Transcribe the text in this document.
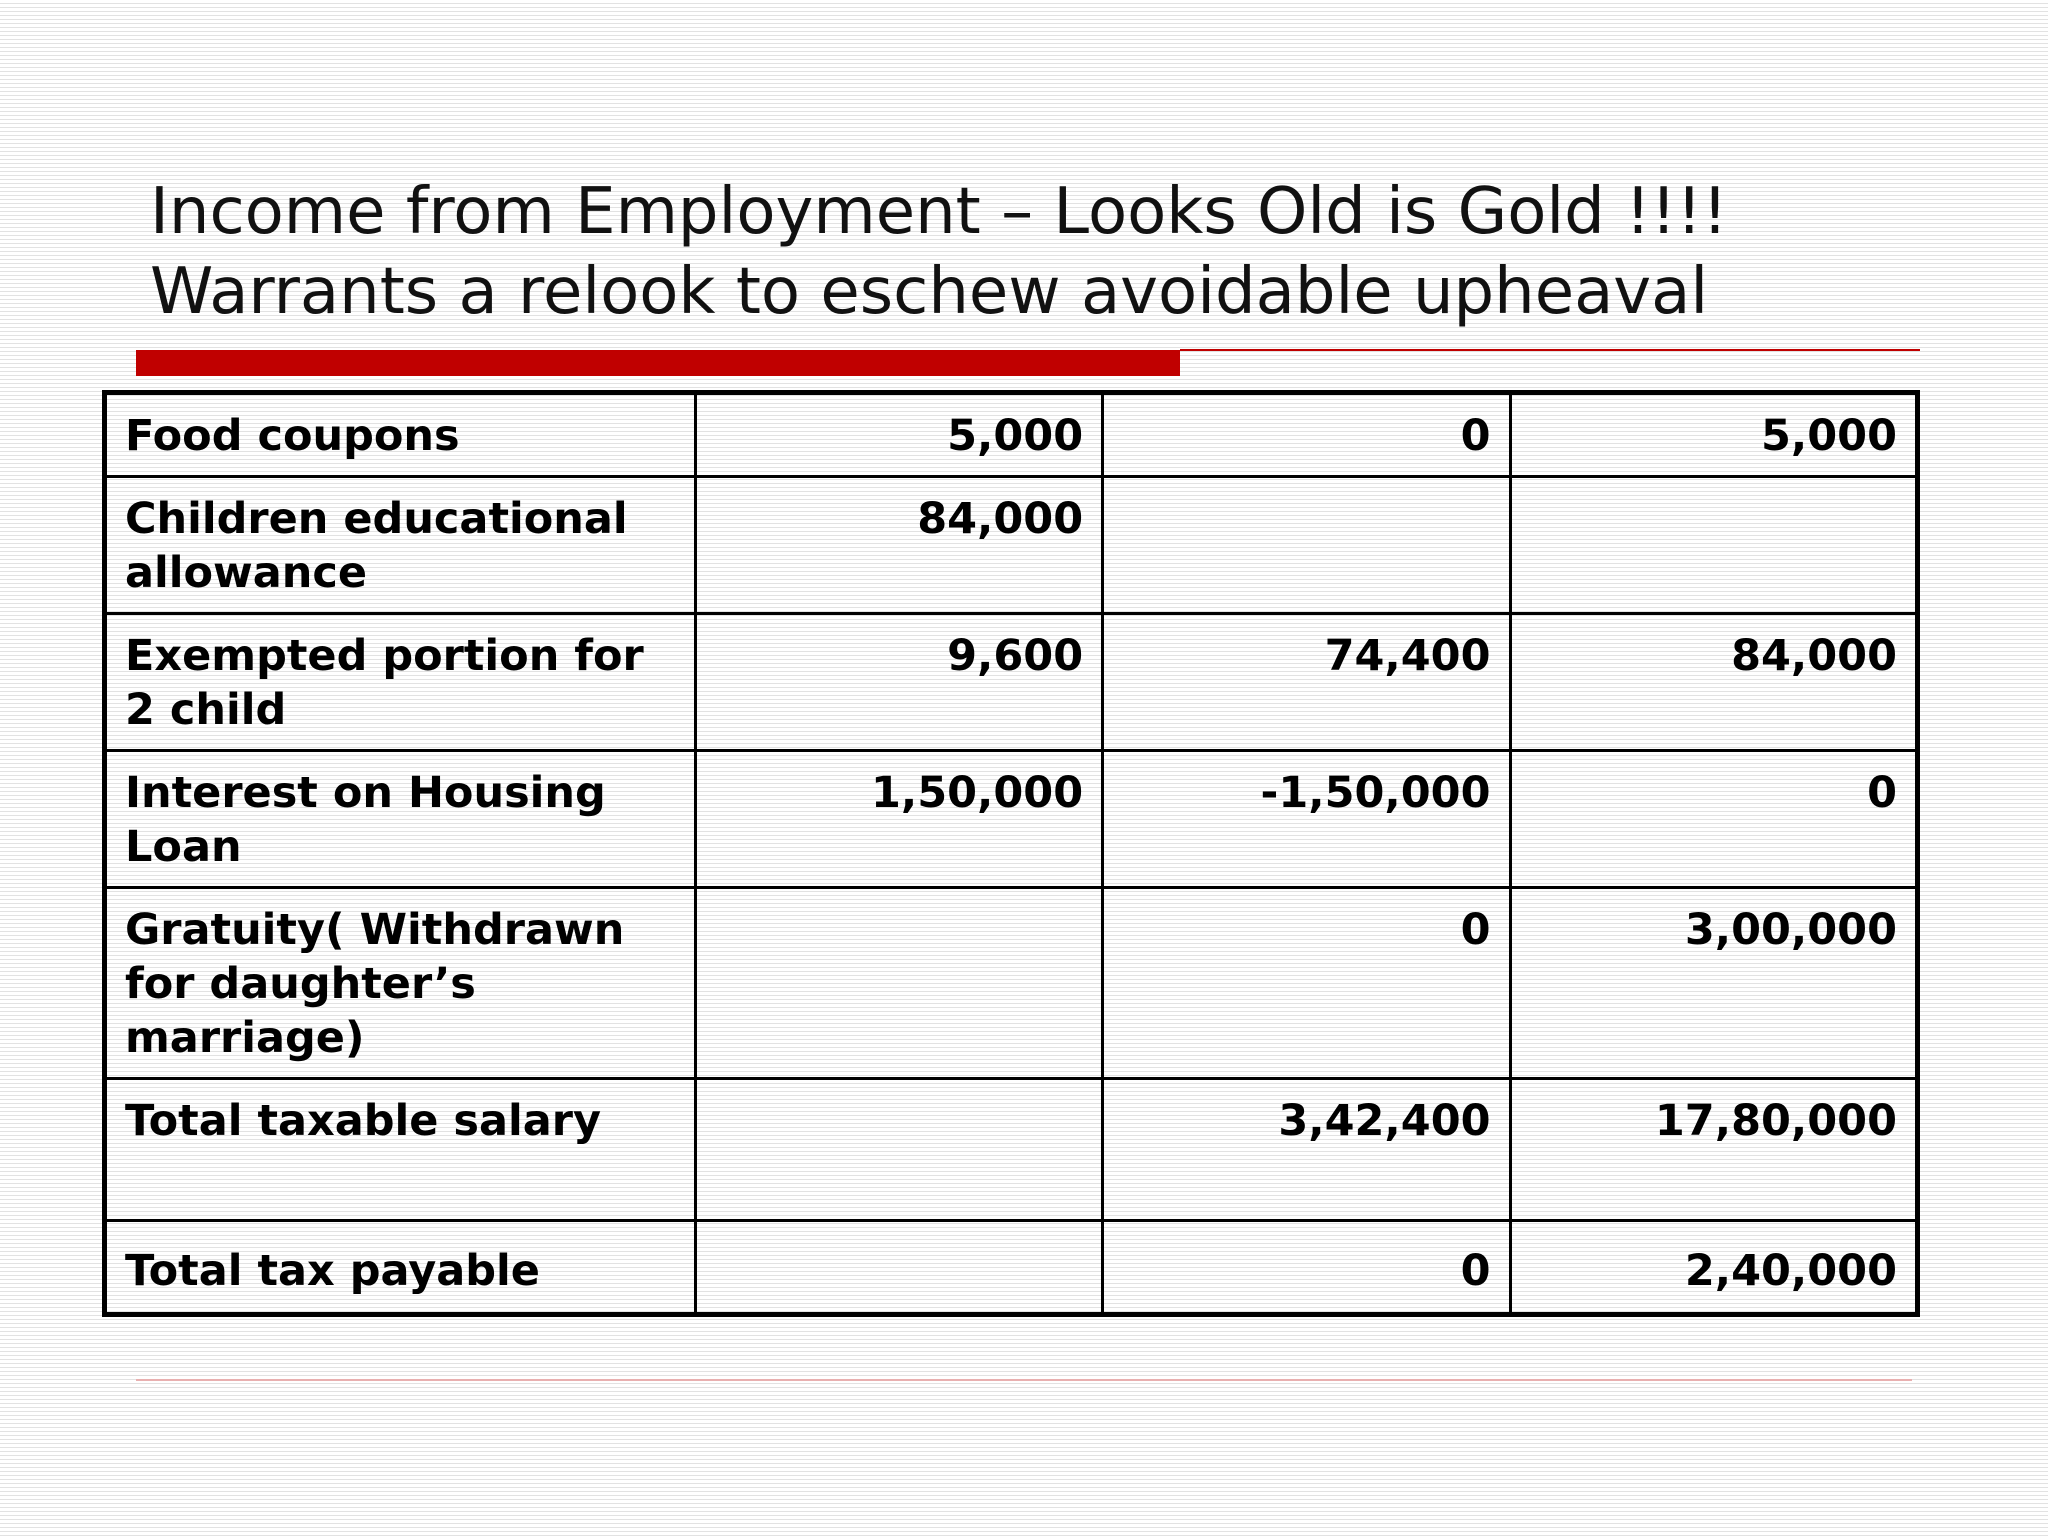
Income from Employment – Looks Old is Gold !!!!
Warrants a relook to eschew avoidable upheaval
Food coupons	5,000	0	5,000
Children educational allowance	84,000		
Exempted portion for 2 child	9,600	74,400	84,000
Interest on Housing Loan	1,50,000	-1,50,000	0
Gratuity( Withdrawn for daughter’s marriage)		0	3,00,000
Total taxable salary		3,42,400	17,80,000
Total tax payable		0	2,40,000
